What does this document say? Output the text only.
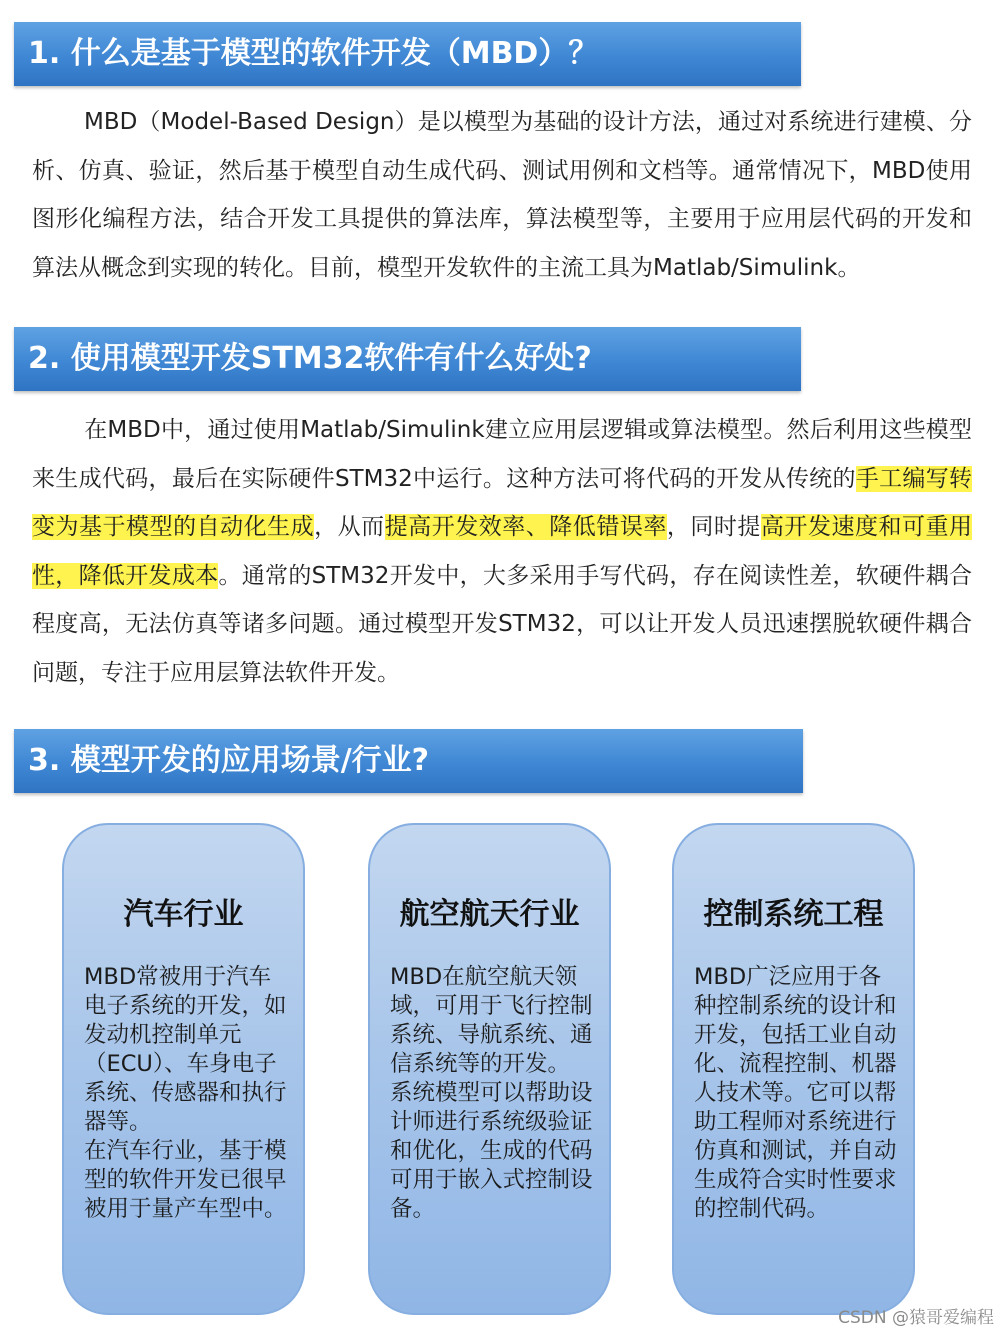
1. 什么是基于模型的软件开发（MBD）？
MBD（Model-Based Design）是以模型为基础的设计方法，通过对系统进行建模、分析、仿真、验证，然后基于模型自动生成代码、测试用例和文档等。通常情况下，MBD使用图形化编程方法，结合开发工具提供的算法库，算法模型等，主要用于应用层代码的开发和算法从概念到实现的转化。目前，模型开发软件的主流工具为Matlab/Simulink。
2. 使用模型开发STM32软件有什么好处?
在MBD中，通过使用Matlab/Simulink建立应用层逻辑或算法模型。然后利用这些模型来生成代码，最后在实际硬件STM32中运行。这种方法可将代码的开发从传统的手工编写转变为基于模型的自动化生成，从而提高开发效率、降低错误率，同时提高开发速度和可重用性，降低开发成本。通常的STM32开发中，大多采用手写代码，存在阅读性差，软硬件耦合程度高，无法仿真等诸多问题。通过模型开发STM32，可以让开发人员迅速摆脱软硬件耦合问题，专注于应用层算法软件开发。
3. 模型开发的应用场景/行业?
汽车行业

MBD常被用于汽车电子系统的开发，如发动机控制单元（ECU）、车身电子系统、传感器和执行器等。

在汽车行业，基于模型的软件开发已很早被用于量产车型中。

航空航天行业

MBD在航空航天领域，可用于飞行控制系统、导航系统、通信系统等的开发。

系统模型可以帮助设计师进行系统级验证和优化，生成的代码可用于嵌入式控制设备。

控制系统工程

MBD广泛应用于各种控制系统的设计和开发，包括工业自动化、流程控制、机器人技术等。它可以帮助工程师对系统进行仿真和测试，并自动生成符合实时性要求的控制代码。

CSDN @猿哥爱编程
